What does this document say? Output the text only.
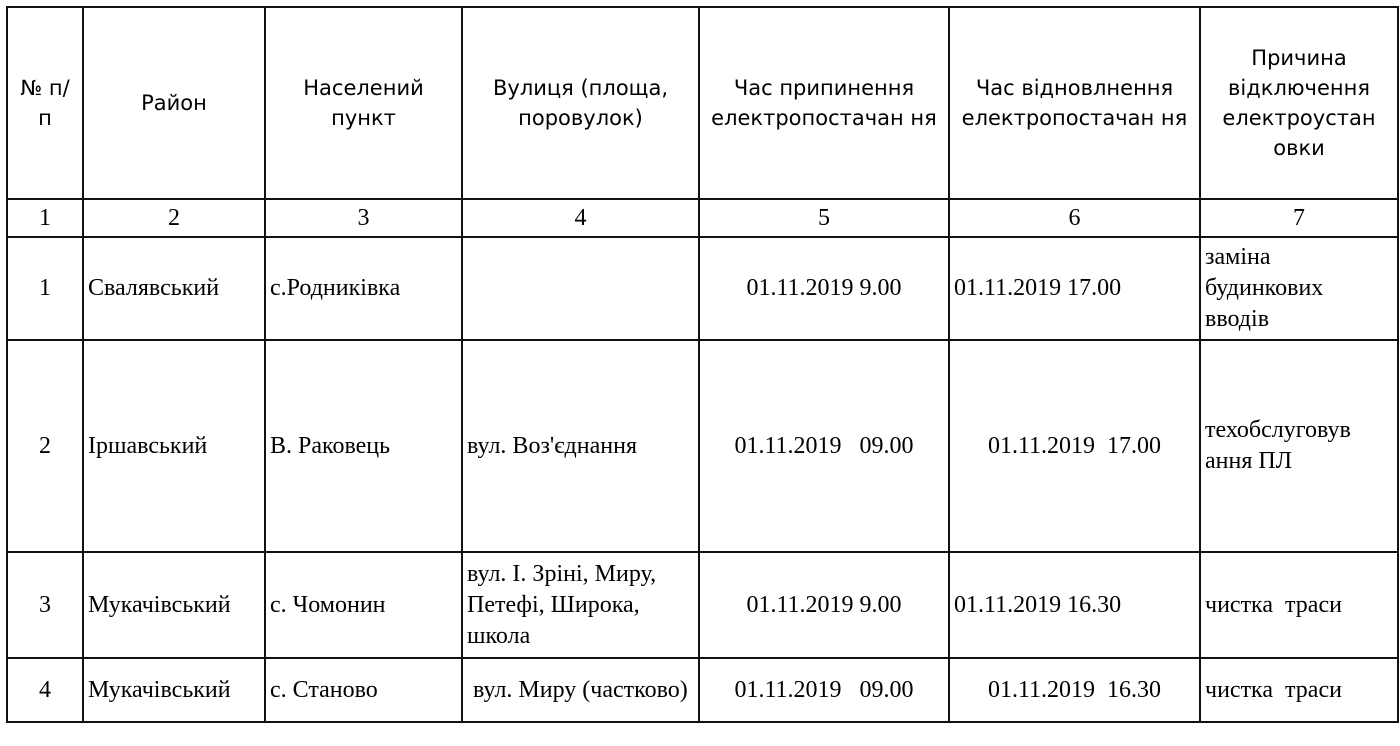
№ п/п	Район	Населений пункт	Вулиця (площа, поровулок)	Час припинення електропостачан ня	Час відновлнення електропостачан ня	Причина відключення електроустан овки
1	2	3	4	5	6	7
1	Свалявський	с.Родниківка		01.11.2019 9.00	01.11.2019 17.00	заміна будинкових вводів
2	Іршавський	В. Раковець	вул. Воз'єднання	01.11.2019   09.00	01.11.2019  17.00	техобслуговув ання ПЛ
3	Мукачівський	с. Чомонин	вул. І. Зріні, Миру, Петефі, Широка, школа	01.11.2019 9.00	01.11.2019 16.30	чистка  траси
4	Мукачівський	с. Станово	вул. Миру (частково)	01.11.2019   09.00	01.11.2019  16.30	чистка  траси
